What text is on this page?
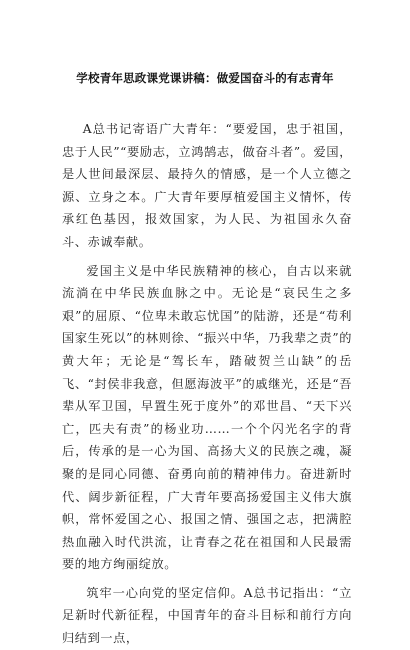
学校青年思政课党课讲稿：做爱国奋斗的有志青年

A总书记寄语广大青年：“要爱国，忠于祖国，忠于人民”“要励志，立鸿鹄志，做奋斗者”。爱国，是人世间最深层、最持久的情感，是一个人立德之源、立身之本。广大青年要厚植爱国主义情怀，传承红色基因，报效国家，为人民、为祖国永久奋斗、赤诚奉献。

爱国主义是中华民族精神的核心，自古以来就流淌在中华民族血脉之中。无论是“哀民生之多艰”的屈原、“位卑未敢忘忧国”的陆游，还是“苟利国家生死以”的林则徐、“振兴中华，乃我辈之责”的黄大年；无论是“驾长车，踏破贺兰山缺”的岳飞、“封侯非我意，但愿海波平”的戚继光，还是“吾辈从军卫国，早置生死于度外”的邓世昌、“天下兴亡，匹夫有责”的杨业功……一个个闪光名字的背后，传承的是一心为国、高扬大义的民族之魂，凝聚的是同心同德、奋勇向前的精神伟力。奋进新时代、阔步新征程，广大青年要高扬爱国主义伟大旗帜，常怀爱国之心、报国之情、强国之志，把满腔热血融入时代洪流，让青春之花在祖国和人民最需要的地方绚丽绽放。

筑牢一心向党的坚定信仰。A总书记指出：“立足新时代新征程，中国青年的奋斗目标和前行方向归结到一点，
